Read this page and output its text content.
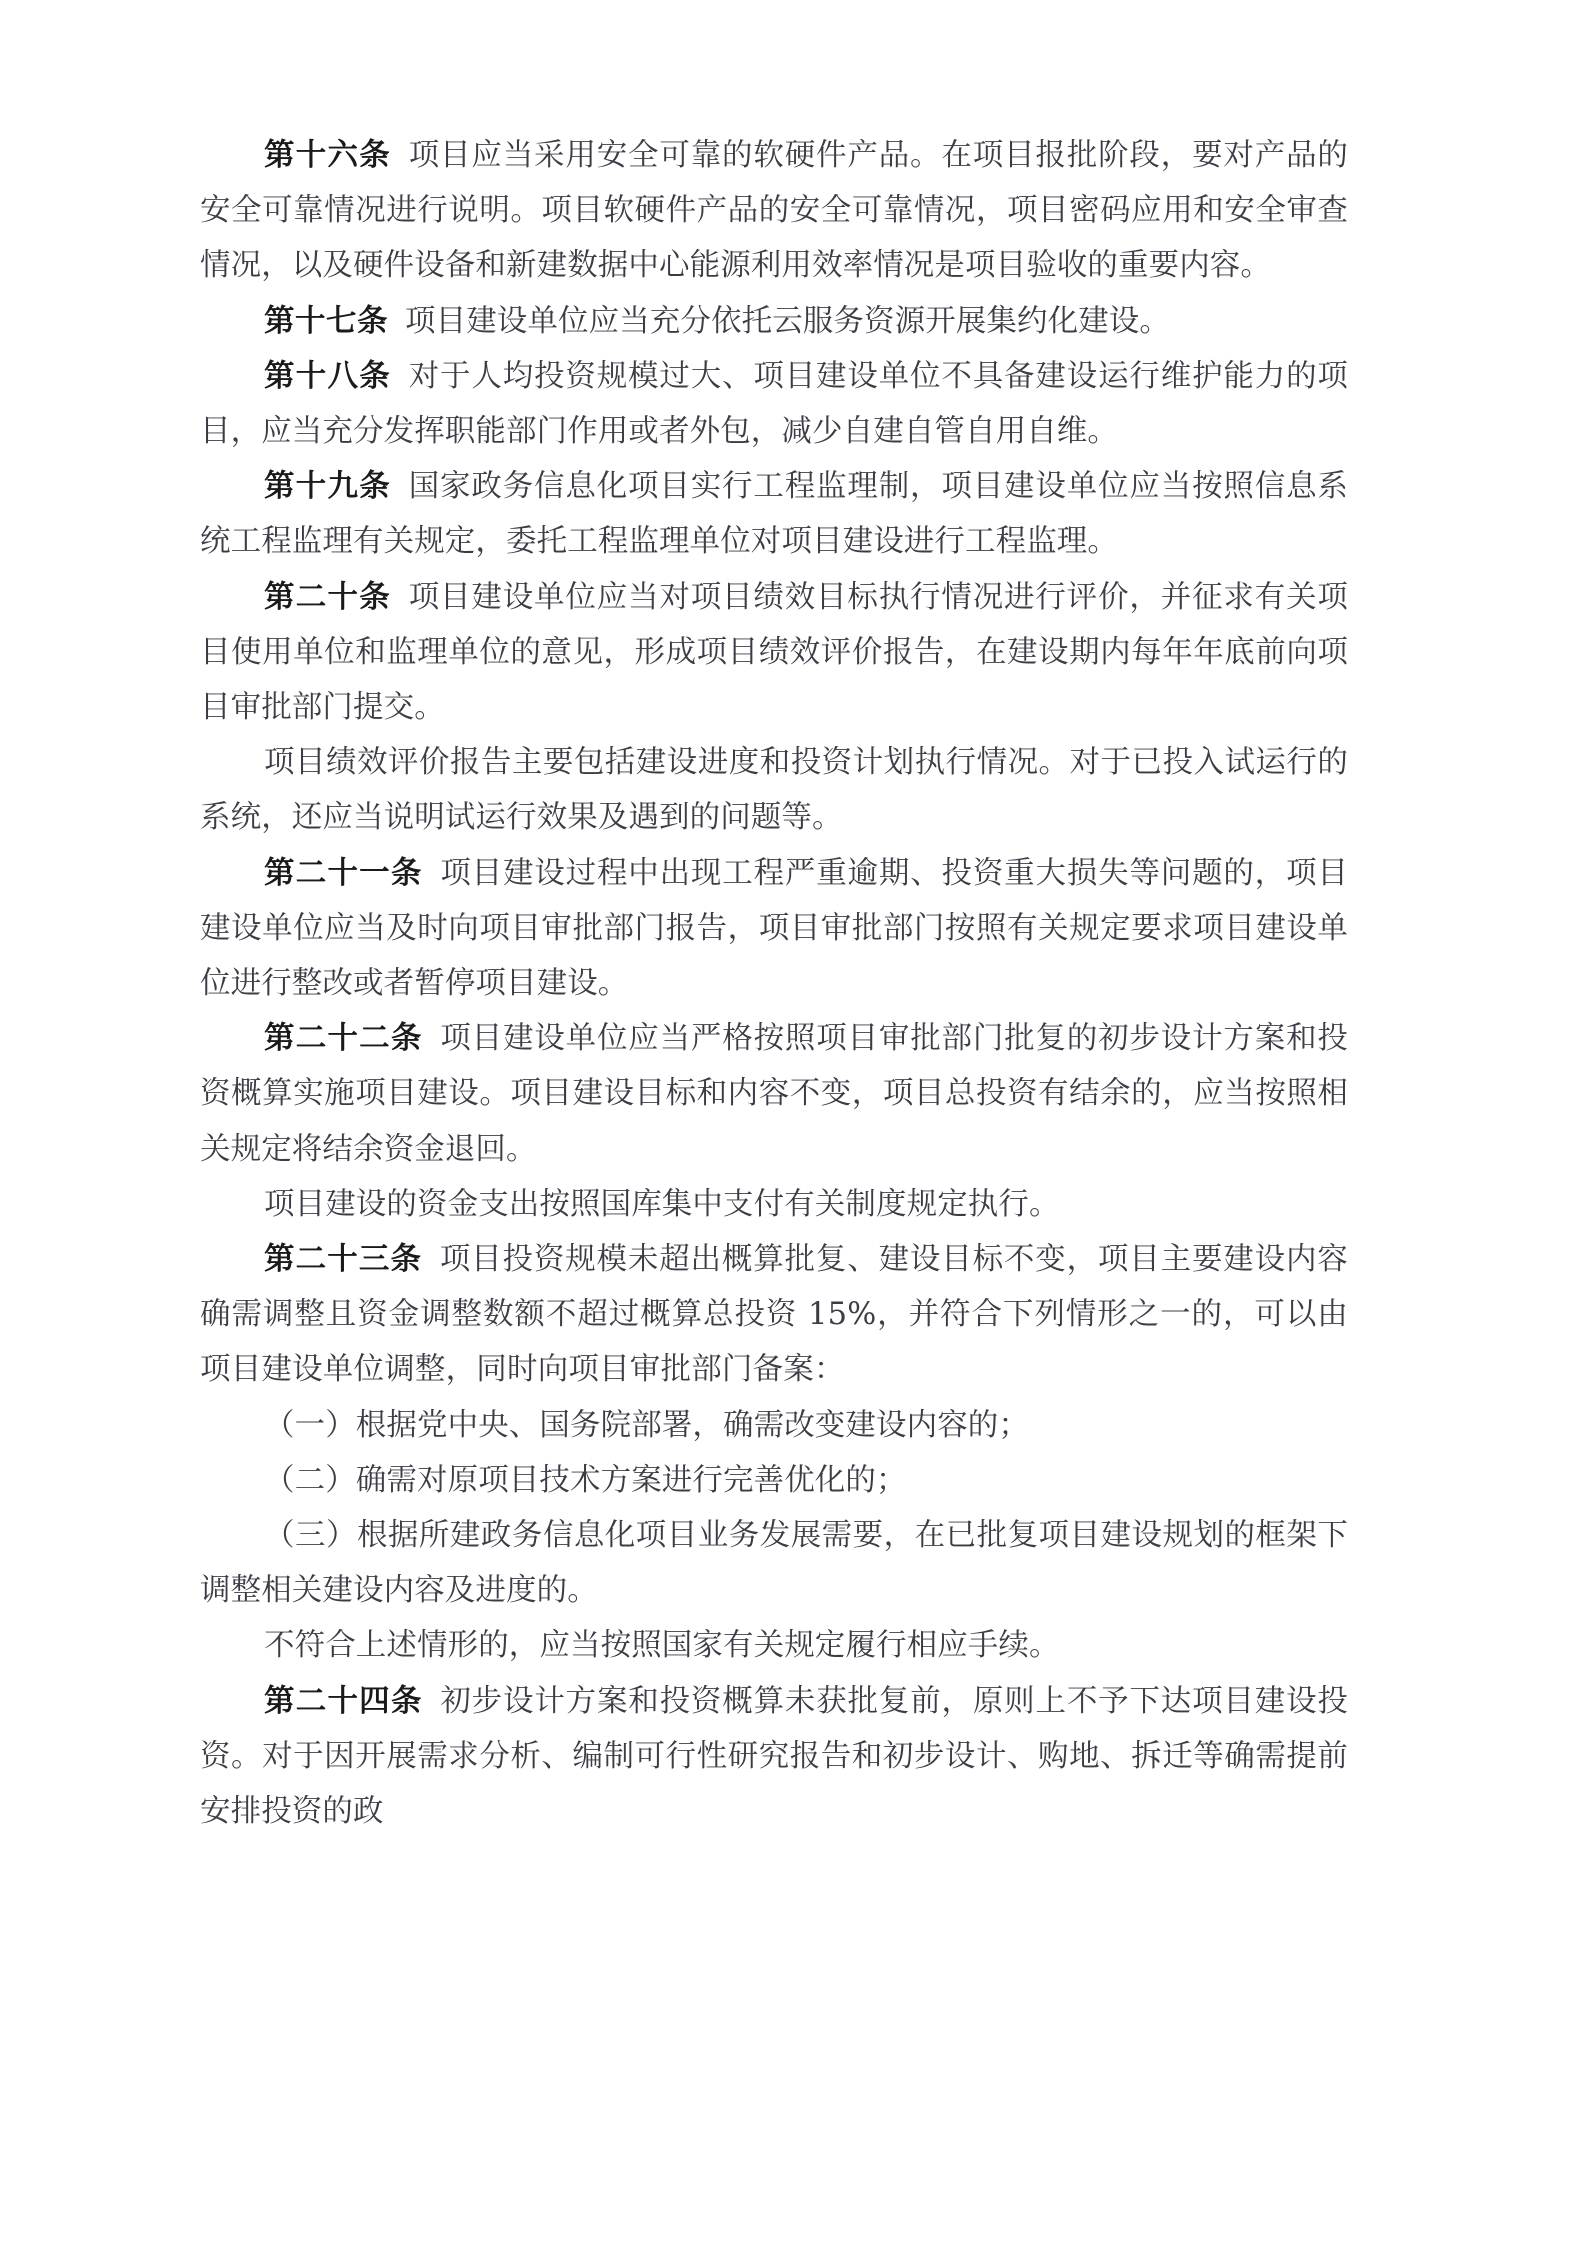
第十六条 项目应当采用安全可靠的软硬件产品。在项目报批阶段，要对产品的安全可靠情况进行说明。项目软硬件产品的安全可靠情况，项目密码应用和安全审查情况，以及硬件设备和新建数据中心能源利用效率情况是项目验收的重要内容。

第十七条 项目建设单位应当充分依托云服务资源开展集约化建设。

第十八条 对于人均投资规模过大、项目建设单位不具备建设运行维护能力的项目，应当充分发挥职能部门作用或者外包，减少自建自管自用自维。

第十九条 国家政务信息化项目实行工程监理制，项目建设单位应当按照信息系统工程监理有关规定，委托工程监理单位对项目建设进行工程监理。

第二十条 项目建设单位应当对项目绩效目标执行情况进行评价，并征求有关项目使用单位和监理单位的意见，形成项目绩效评价报告，在建设期内每年年底前向项目审批部门提交。

项目绩效评价报告主要包括建设进度和投资计划执行情况。对于已投入试运行的系统，还应当说明试运行效果及遇到的问题等。

第二十一条 项目建设过程中出现工程严重逾期、投资重大损失等问题的，项目建设单位应当及时向项目审批部门报告，项目审批部门按照有关规定要求项目建设单位进行整改或者暂停项目建设。

第二十二条 项目建设单位应当严格按照项目审批部门批复的初步设计方案和投资概算实施项目建设。项目建设目标和内容不变，项目总投资有结余的，应当按照相关规定将结余资金退回。

项目建设的资金支出按照国库集中支付有关制度规定执行。

第二十三条 项目投资规模未超出概算批复、建设目标不变，项目主要建设内容确需调整且资金调整数额不超过概算总投资 15%，并符合下列情形之一的，可以由项目建设单位调整，同时向项目审批部门备案：

（一）根据党中央、国务院部署，确需改变建设内容的；

（二）确需对原项目技术方案进行完善优化的；

（三）根据所建政务信息化项目业务发展需要，在已批复项目建设规划的框架下调整相关建设内容及进度的。

不符合上述情形的，应当按照国家有关规定履行相应手续。

第二十四条 初步设计方案和投资概算未获批复前，原则上不予下达项目建设投资。对于因开展需求分析、编制可行性研究报告和初步设计、购地、拆迁等确需提前安排投资的政
